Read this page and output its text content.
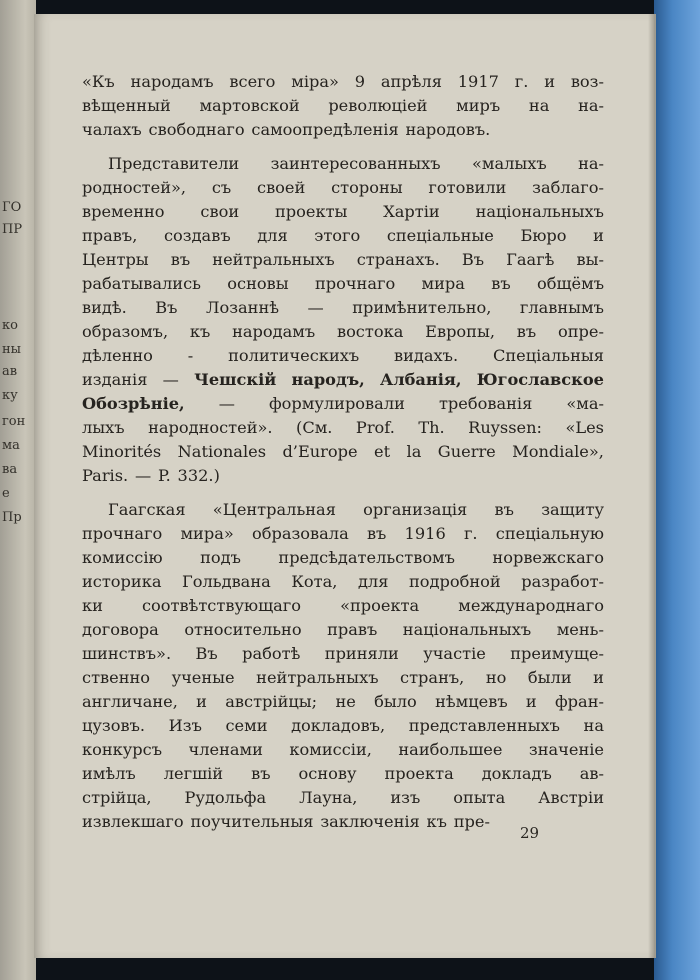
ГО
ПР
ко
ны
ав
ку
гон
ма
ва
е
Пр
«Къ народамъ всего міра» 9 апрѣля 1917 г. и воз-
вѣщенный мартовской революціей миръ на на-
чалахъ свободнаго самоопредѣленія народовъ.
Представители заинтересованныхъ «малыхъ на-
родностей», съ своей стороны готовили заблаго-
временно свои проекты Хартіи національныхъ
правъ, создавъ для этого спеціальные Бюро и
Центры въ нейтральныхъ странахъ. Въ Гаагѣ вы-
рабатывались основы прочнаго мира въ общёмъ
видѣ. Въ Лозаннѣ — примѣнительно, главнымъ
образомъ, къ народамъ востока Европы, въ опре-
дѣленно - политическихъ видахъ. Спеціальныя
изданія — Чешскій народъ, Албанія, Югославское
Обозрѣніе, — формулировали требованія «ма-
лыхъ народностей». (См. Prof. Th. Ruyssen: «Les
Minorités Nationales d’Europe et la Guerre Mondiale»,
Paris. — P. 332.)
Гаагская «Центральная организація въ защиту
прочнаго мира» образовала въ 1916 г. спеціальную
комиссію подъ предсѣдательствомъ норвежскаго
историка Гольдвана Кота, для подробной разработ-
ки соотвѣтствующаго «проекта международнаго
договора относительно правъ національныхъ мень-
шинствъ». Въ работѣ приняли участіе преимуще-
ственно ученые нейтральныхъ странъ, но были и
англичане, и австрійцы; не было нѣмцевъ и фран-
цузовъ. Изъ семи докладовъ, представленныхъ на
конкурсъ членами комиссіи, наибольшее значеніе
имѣлъ легшій въ основу проекта докладъ ав-
стрійца, Рудольфа Лауна, изъ опыта Австріи
извлекшаго поучительныя заключенія къ пре-
29
